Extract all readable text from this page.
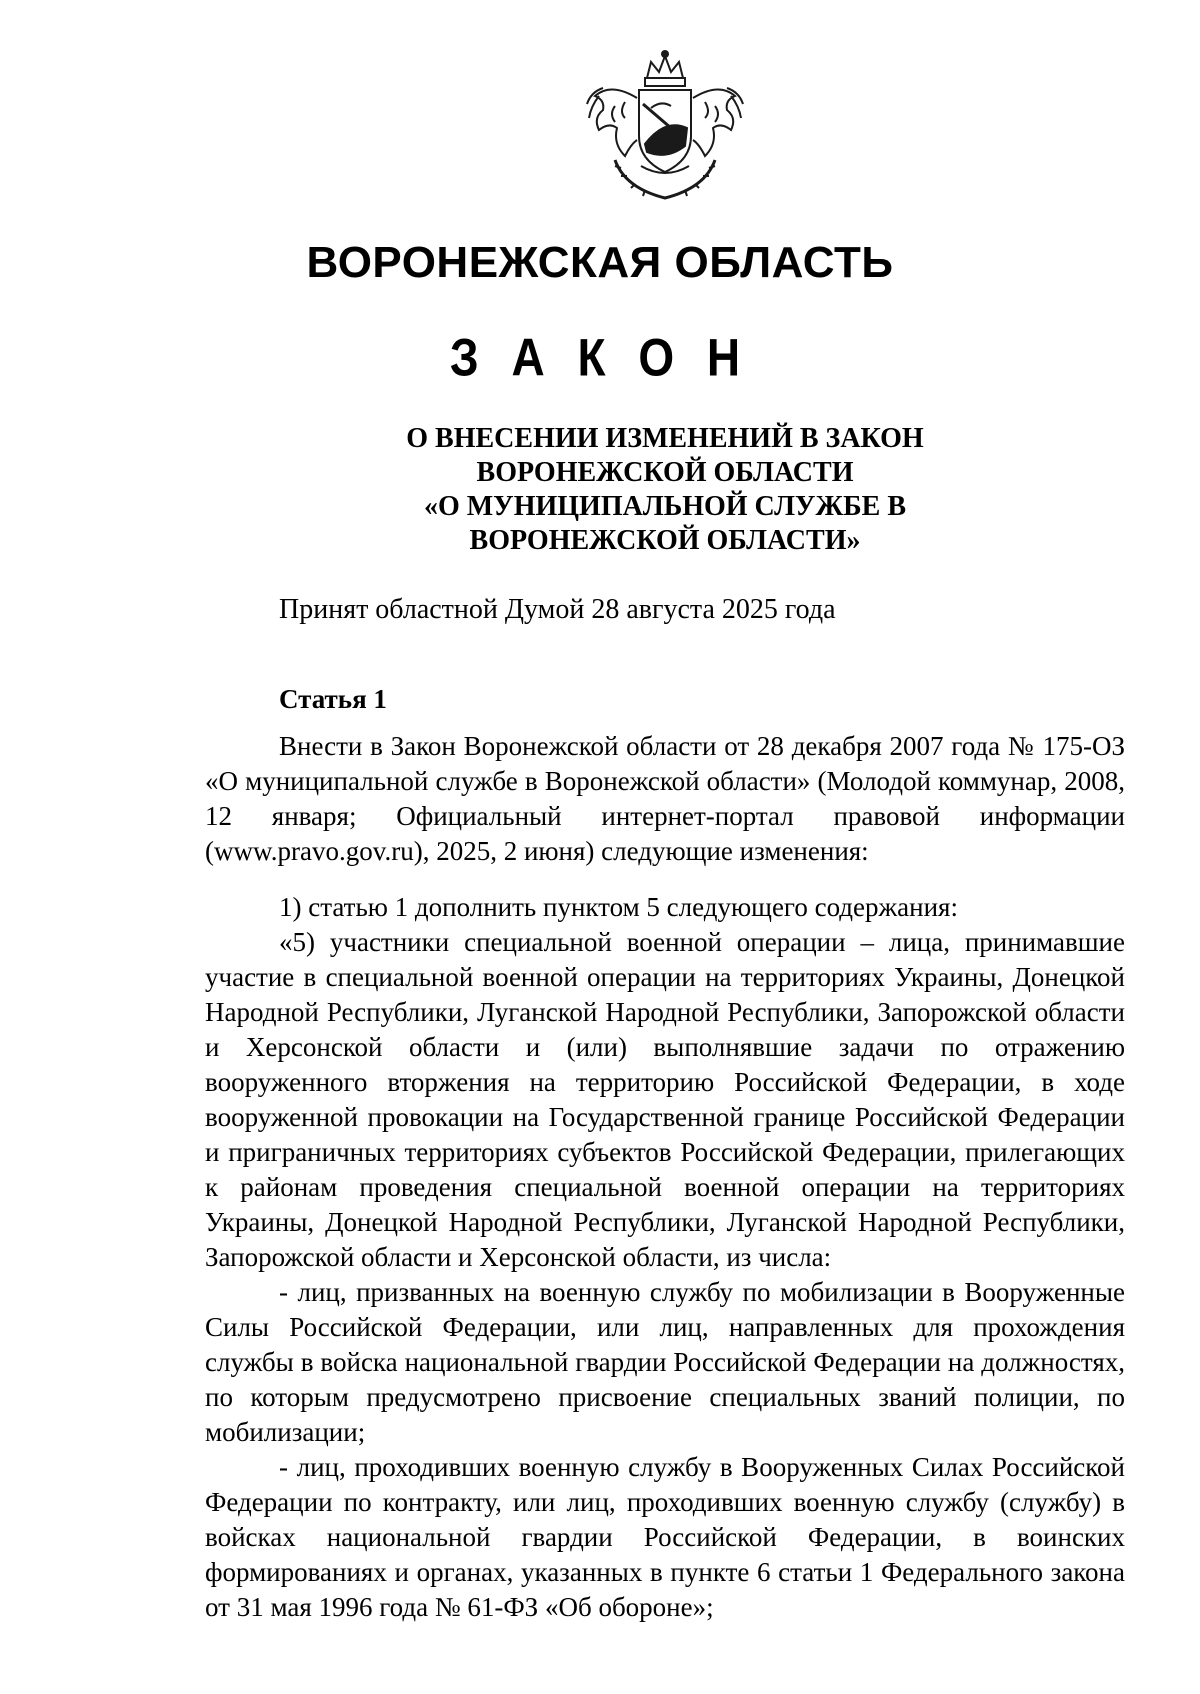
ВОРОНЕЖСКАЯ ОБЛАСТЬ
З А К О Н
О ВНЕСЕНИИ ИЗМЕНЕНИЙ В ЗАКОН
ВОРОНЕЖСКОЙ ОБЛАСТИ
«О МУНИЦИПАЛЬНОЙ СЛУЖБЕ В
ВОРОНЕЖСКОЙ ОБЛАСТИ»
Принят областной Думой 28 августа 2025 года
Статья 1

Внести в Закон Воронежской области от 28 декабря 2007 года № 175-ОЗ «О муниципальной службе в Воронежской области» (Молодой коммунар, 2008, 12 января; Официальный интернет-портал правовой информации (www.pravo.gov.ru), 2025, 2 июня) следующие изменения:

1) статью 1 дополнить пунктом 5 следующего содержания:

«5) участники специальной военной операции – лица, принимавшие участие в специальной военной операции на территориях Украины, Донецкой Народной Республики, Луганской Народной Республики, Запорожской области и Херсонской области и (или) выполнявшие задачи по отражению вооруженного вторжения на территорию Российской Федерации, в ходе вооруженной провокации на Государственной границе Российской Федерации и приграничных территориях субъектов Российской Федерации, прилегающих к районам проведения специальной военной операции на территориях Украины, Донецкой Народной Республики, Луганской Народной Республики, Запорожской области и Херсонской области, из числа:

- лиц, призванных на военную службу по мобилизации в Вооруженные Силы Российской Федерации, или лиц, направленных для прохождения службы в войска национальной гвардии Российской Федерации на должностях, по которым предусмотрено присвоение специальных званий полиции, по мобилизации;

- лиц, проходивших военную службу в Вооруженных Силах Российской Федерации по контракту, или лиц, проходивших военную службу (службу) в войсках национальной гвардии Российской Федерации, в воинских формированиях и органах, указанных в пункте 6 статьи 1 Федерального закона от 31 мая 1996 года № 61-ФЗ «Об обороне»;
